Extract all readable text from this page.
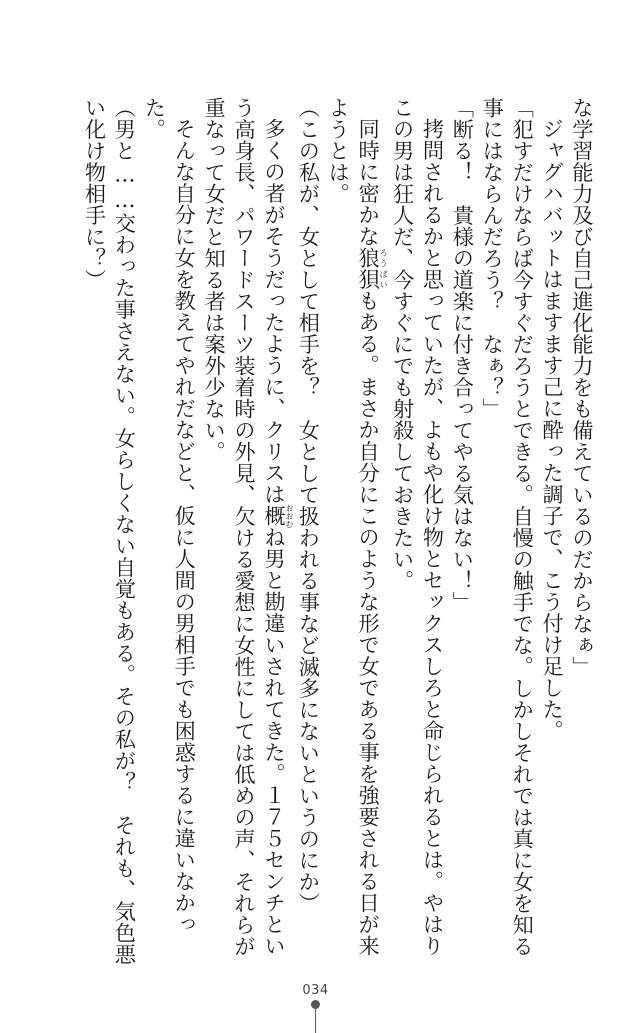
な学習能力及び自己進化能力をも備えているのだからなぁ」

ジャグハバットはますます己に酔った調子で、こう付け足した。

「犯すだけならば今すぐだろうとできる。自慢の触手でな。しかしそれでは真に女を知る事にはならんだろう？　なぁ？」

「断る！　貴様の道楽に付き合ってやる気はない！」

拷問されるかと思っていたが、よもや化け物とセックスしろと命じられるとは。やはりこの男は狂人だ、今すぐにでも射殺しておきたい。

同時に密かな狼狽ろうばいもある。まさか自分にこのような形で女である事を強要される日が来ようとは。

（この私が、女として相手を？　女として扱われる事など滅多にないというのにか）

多くの者がそうだったように、クリスは概おおむね男と勘違いされてきた。１７５センチという高身長、パワードスーツ装着時の外見、欠ける愛想に女性にしては低めの声、それらが重なって女だと知る者は案外少ない。

そんな自分に女を教えてやれだなどと、仮に人間の男相手でも困惑するに違いなかった。

（男と……交わった事さえない。女らしくない自覚もある。その私が？　それも、気色悪い化け物相手に？）

034
